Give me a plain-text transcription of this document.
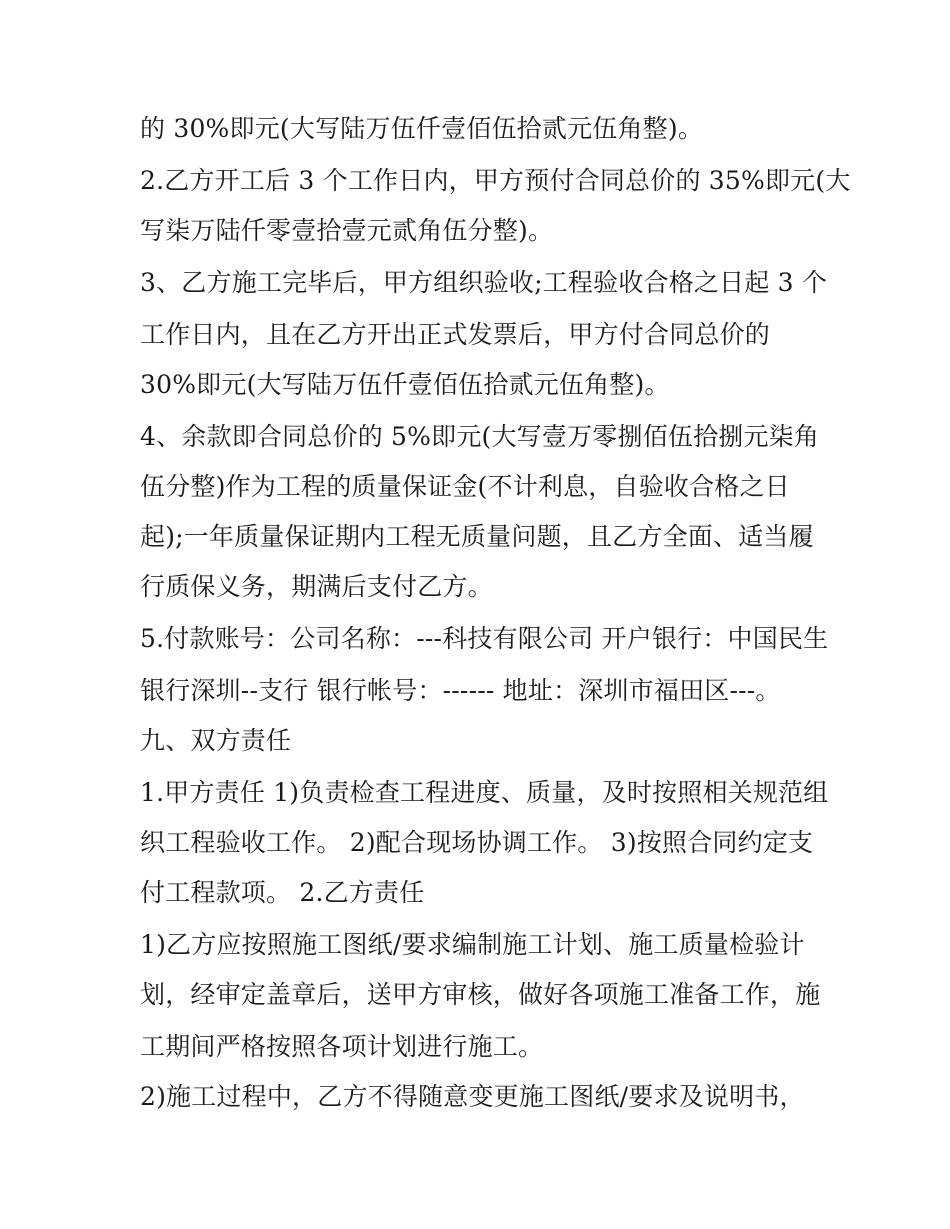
的 30%即元(大写陆万伍仟壹佰伍拾贰元伍角整)。
2.乙方开工后 3 个工作日内，甲方预付合同总价的 35%即元(大
写柒万陆仟零壹拾壹元贰角伍分整)。
3、乙方施工完毕后，甲方组织验收;工程验收合格之日起 3 个
工作日内，且在乙方开出正式发票后，甲方付合同总价的
30%即元(大写陆万伍仟壹佰伍拾贰元伍角整)。
4、余款即合同总价的 5%即元(大写壹万零捌佰伍拾捌元柒角
伍分整)作为工程的质量保证金(不计利息，自验收合格之日
起);一年质量保证期内工程无质量问题，且乙方全面、适当履
行质保义务，期满后支付乙方。
5.付款账号：公司名称：---科技有限公司 开户银行：中国民生
银行深圳--支行 银行帐号：------ 地址：深圳市福田区---。
九、双方责任
1.甲方责任 1)负责检查工程进度、质量，及时按照相关规范组
织工程验收工作。 2)配合现场协调工作。 3)按照合同约定支
付工程款项。 2.乙方责任
1)乙方应按照施工图纸/要求编制施工计划、施工质量检验计
划，经审定盖章后，送甲方审核，做好各项施工准备工作，施
工期间严格按照各项计划进行施工。
2)施工过程中，乙方不得随意变更施工图纸/要求及说明书，
